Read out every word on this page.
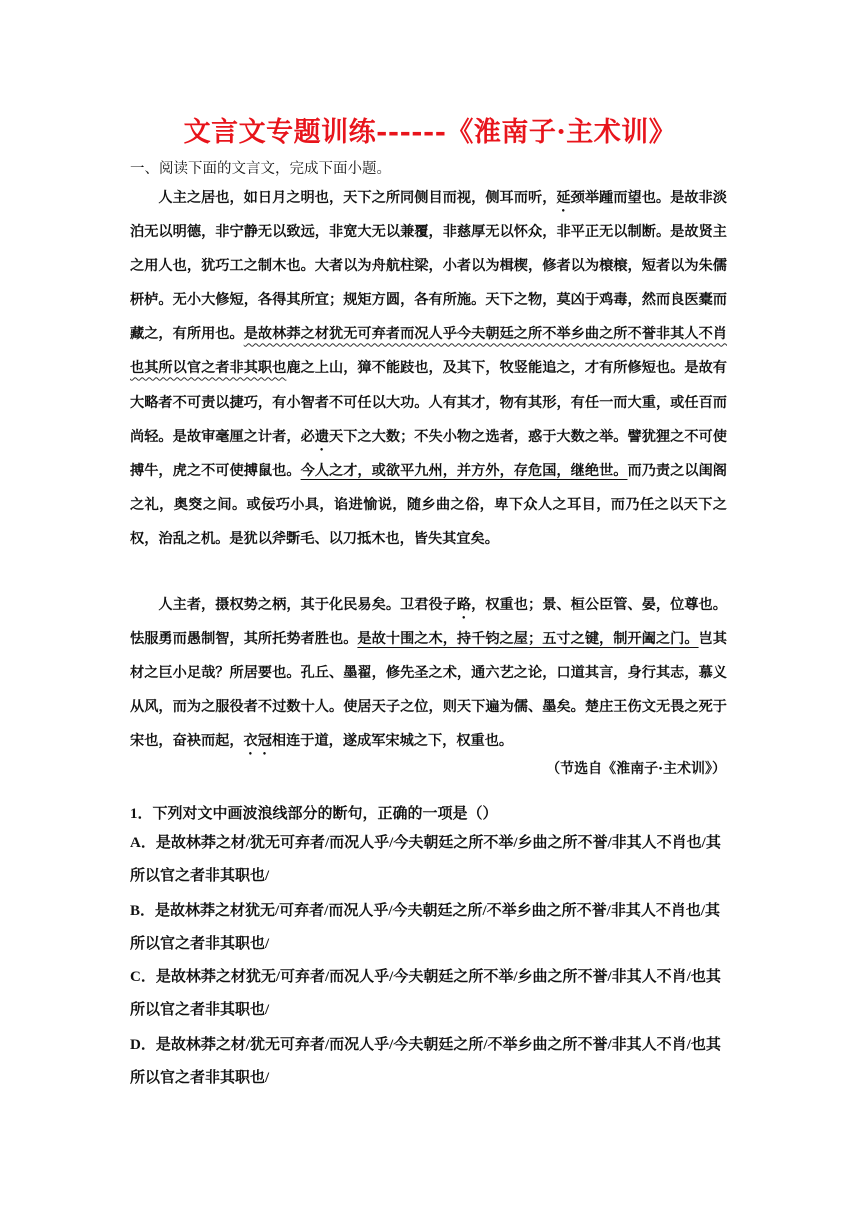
文言文专题训练------《淮南子·主术训》
一、阅读下面的文言文，完成下面小题。

人主之居也，如日月之明也，天下之所同侧目而视，侧耳而听，延颈举踵而望也。是故非淡泊无以明德，非宁静无以致远，非宽大无以兼覆，非慈厚无以怀众，非平正无以制断。是故贤主之用人也，犹巧工之制木也。大者以为舟航柱梁，小者以为楫楔，修者以为榱榱，短者以为朱儒枅栌。无小大修短，各得其所宜；规矩方圆，各有所施。天下之物，莫凶于鸡毒，然而良医橐而藏之，有所用也。是故林莽之材犹无可弃者而况人乎今夫朝廷之所不举乡曲之所不誉非其人不肖也其所以官之者非其职也鹿之上山，獐不能跂也，及其下，牧竖能追之，才有所修短也。是故有大略者不可责以捷巧，有小智者不可任以大功。人有其才，物有其形，有任一而大重，或任百而尚轻。是故审毫厘之计者，必遗天下之大数；不失小物之选者，惑于大数之举。譬犹狸之不可使搏牛，虎之不可使搏鼠也。今人之才，或欲平九州，并方外，存危国，继绝世。而乃责之以闺阁之礼，奥窔之间。或佞巧小具，谄进愉说，随乡曲之俗，卑下众人之耳目，而乃任之以天下之权，治乱之机。是犹以斧斲毛、以刀抵木也，皆失其宜矣。

人主者，摄权势之柄，其于化民易矣。卫君役子路，权重也；景、桓公臣管、晏，位尊也。怯服勇而愚制智，其所托势者胜也。是故十围之木，持千钧之屋；五寸之键，制开阖之门。岂其材之巨小足哉？所居要也。孔丘、墨翟，修先圣之术，通六艺之论，口道其言，身行其志，慕义从风，而为之服役者不过数十人。使居天子之位，则天下遍为儒、墨矣。楚庄王伤文无畏之死于宋也，奋袂而起，衣冠相连于道，遂成军宋城之下，权重也。

（节选自《淮南子·主术训》）
1．下列对文中画波浪线部分的断句，正确的一项是（）
A．是故林莽之材/犹无可弃者/而况人乎/今夫朝廷之所不举/乡曲之所不誉/非其人不肖也/其所以官之者非其职也/
B．是故林莽之材犹无/可弃者/而况人乎/今夫朝廷之所/不举乡曲之所不誉/非其人不肖也/其所以官之者非其职也/
C．是故林莽之材犹无/可弃者/而况人乎/今夫朝廷之所不举/乡曲之所不誉/非其人不肖/也其所以官之者非其职也/
D．是故林莽之材/犹无可弃者/而况人乎/今夫朝廷之所/不举乡曲之所不誉/非其人不肖/也其所以官之者非其职也/
